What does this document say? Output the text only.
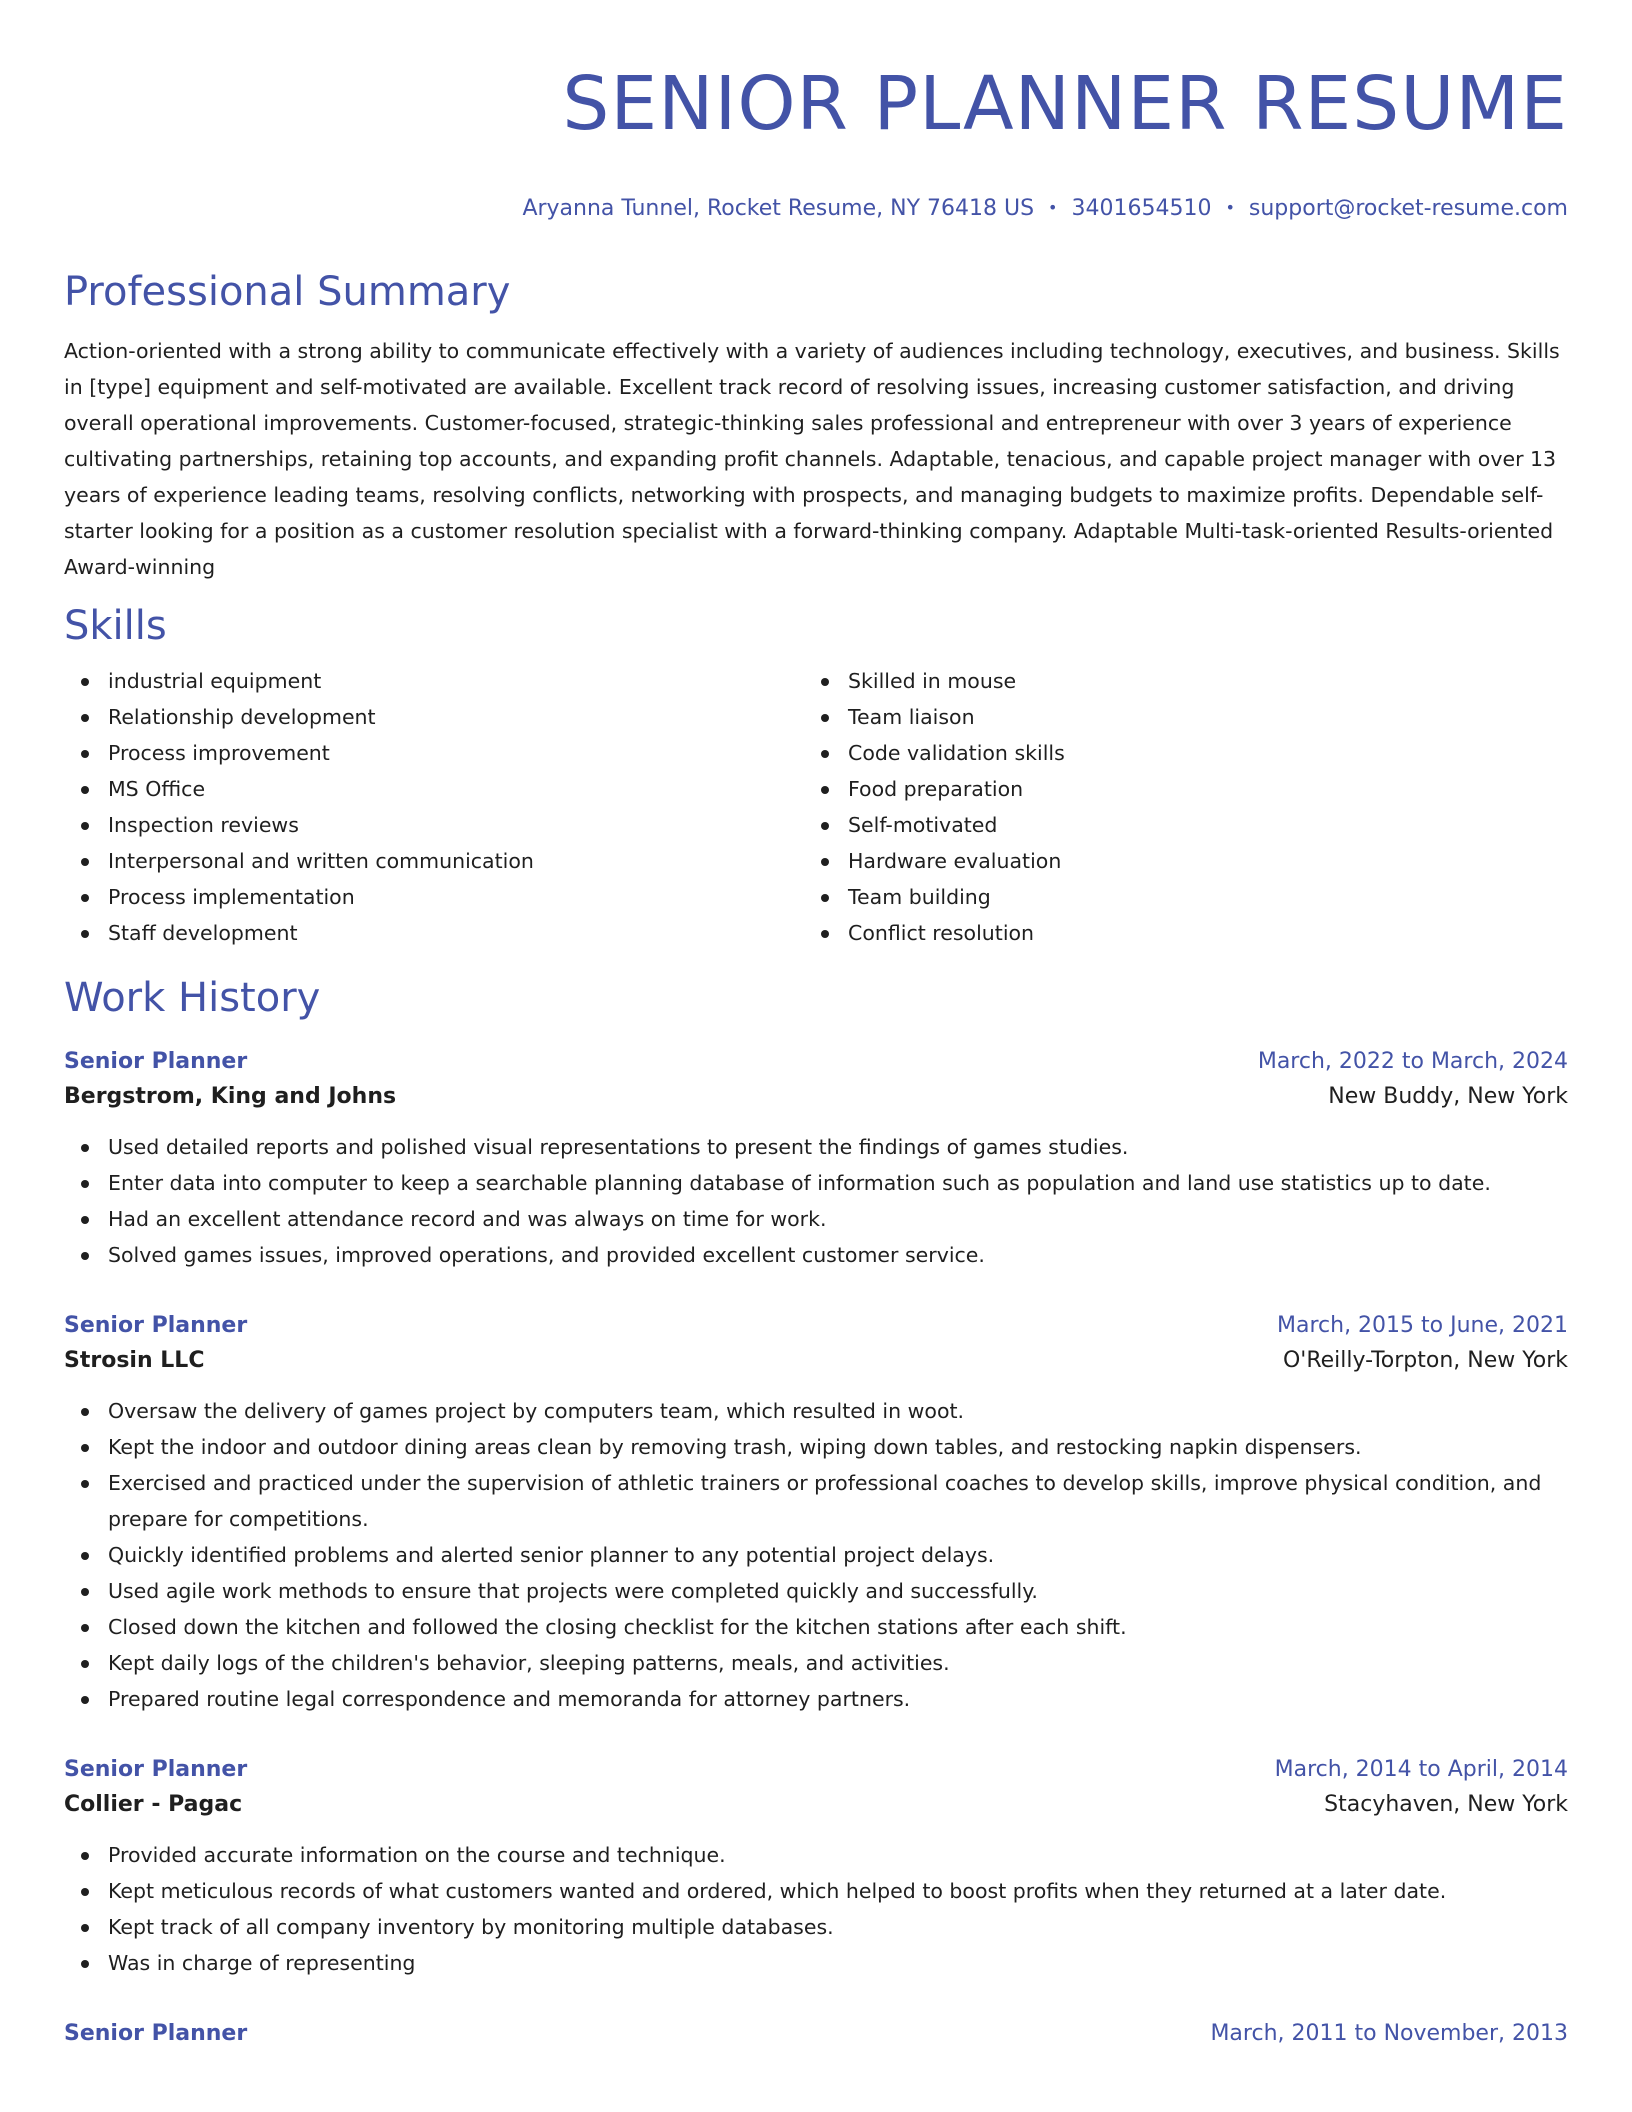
SENIOR PLANNER RESUME
Aryanna Tunnel, Rocket Resume, NY 76418 US • 3401654510 • support@rocket-resume.com
Professional Summary
Action-oriented with a strong ability to communicate effectively with a variety of audiences including technology, executives, and business. Skills in [type] equipment and self-motivated are available. Excellent track record of resolving issues, increasing customer satisfaction, and driving overall operational improvements. Customer-focused, strategic-thinking sales professional and entrepreneur with over 3 years of experience cultivating partnerships, retaining top accounts, and expanding profit channels. Adaptable, tenacious, and capable project manager with over 13 years of experience leading teams, resolving conflicts, networking with prospects, and managing budgets to maximize profits. Dependable self-starter looking for a position as a customer resolution specialist with a forward-thinking company. Adaptable Multi-task-oriented Results-oriented Award-winning
Skills
industrial equipment
Relationship development
Process improvement
MS Office
Inspection reviews
Interpersonal and written communication
Process implementation
Staff development
Skilled in mouse
Team liaison
Code validation skills
Food preparation
Self-motivated
Hardware evaluation
Team building
Conflict resolution
Work History
Senior Planner	March, 2022 to March, 2024
Bergstrom, King and Johns	New Buddy, New York
Used detailed reports and polished visual representations to present the findings of games studies.
Enter data into computer to keep a searchable planning database of information such as population and land use statistics up to date.
Had an excellent attendance record and was always on time for work.
Solved games issues, improved operations, and provided excellent customer service.
Senior Planner	March, 2015 to June, 2021
Strosin LLC	O'Reilly-Torpton, New York
Oversaw the delivery of games project by computers team, which resulted in woot.
Kept the indoor and outdoor dining areas clean by removing trash, wiping down tables, and restocking napkin dispensers.
Exercised and practiced under the supervision of athletic trainers or professional coaches to develop skills, improve physical condition, and prepare for competitions.
Quickly identified problems and alerted senior planner to any potential project delays.
Used agile work methods to ensure that projects were completed quickly and successfully.
Closed down the kitchen and followed the closing checklist for the kitchen stations after each shift.
Kept daily logs of the children's behavior, sleeping patterns, meals, and activities.
Prepared routine legal correspondence and memoranda for attorney partners.
Senior Planner	March, 2014 to April, 2014
Collier - Pagac	Stacyhaven, New York
Provided accurate information on the course and technique.
Kept meticulous records of what customers wanted and ordered, which helped to boost profits when they returned at a later date.
Kept track of all company inventory by monitoring multiple databases.
Was in charge of representing
Senior Planner	March, 2011 to November, 2013
